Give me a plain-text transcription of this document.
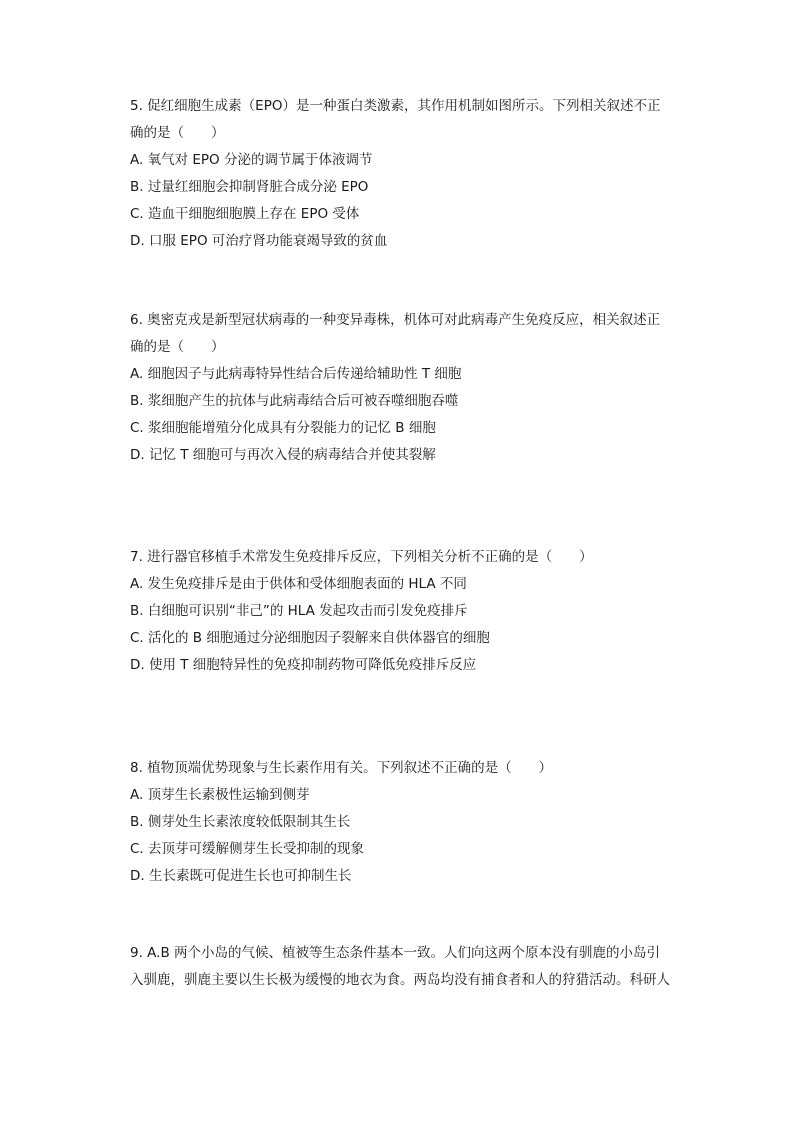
5. 促红细胞生成素（EPO）是一种蛋白类激素，其作用机制如图所示。下列相关叙述不正
确的是（　　）
A. 氧气对 EPO 分泌的调节属于体液调节
B. 过量红细胞会抑制肾脏合成分泌 EPO
C. 造血干细胞细胞膜上存在 EPO 受体
D. 口服 EPO 可治疗肾功能衰竭导致的贫血
6. 奥密克戎是新型冠状病毒的一种变异毒株，机体可对此病毒产生免疫反应，相关叙述正
确的是（　　）
A. 细胞因子与此病毒特异性结合后传递给辅助性 T 细胞
B. 浆细胞产生的抗体与此病毒结合后可被吞噬细胞吞噬
C. 浆细胞能增殖分化成具有分裂能力的记忆 B 细胞
D. 记忆 T 细胞可与再次入侵的病毒结合并使其裂解
7. 进行器官移植手术常发生免疫排斥反应，下列相关分析不正确的是（　　）
A. 发生免疫排斥是由于供体和受体细胞表面的 HLA 不同
B. 白细胞可识别“非己”的 HLA 发起攻击而引发免疫排斥
C. 活化的 B 细胞通过分泌细胞因子裂解来自供体器官的细胞
D. 使用 T 细胞特异性的免疫抑制药物可降低免疫排斥反应
8. 植物顶端优势现象与生长素作用有关。下列叙述不正确的是（　　）
A. 顶芽生长素极性运输到侧芽
B. 侧芽处生长素浓度较低限制其生长
C. 去顶芽可缓解侧芽生长受抑制的现象
D. 生长素既可促进生长也可抑制生长
9. A.B 两个小岛的气候、植被等生态条件基本一致。人们向这两个原本没有驯鹿的小岛引
入驯鹿，驯鹿主要以生长极为缓慢的地衣为食。两岛均没有捕食者和人的狩猎活动。科研人
